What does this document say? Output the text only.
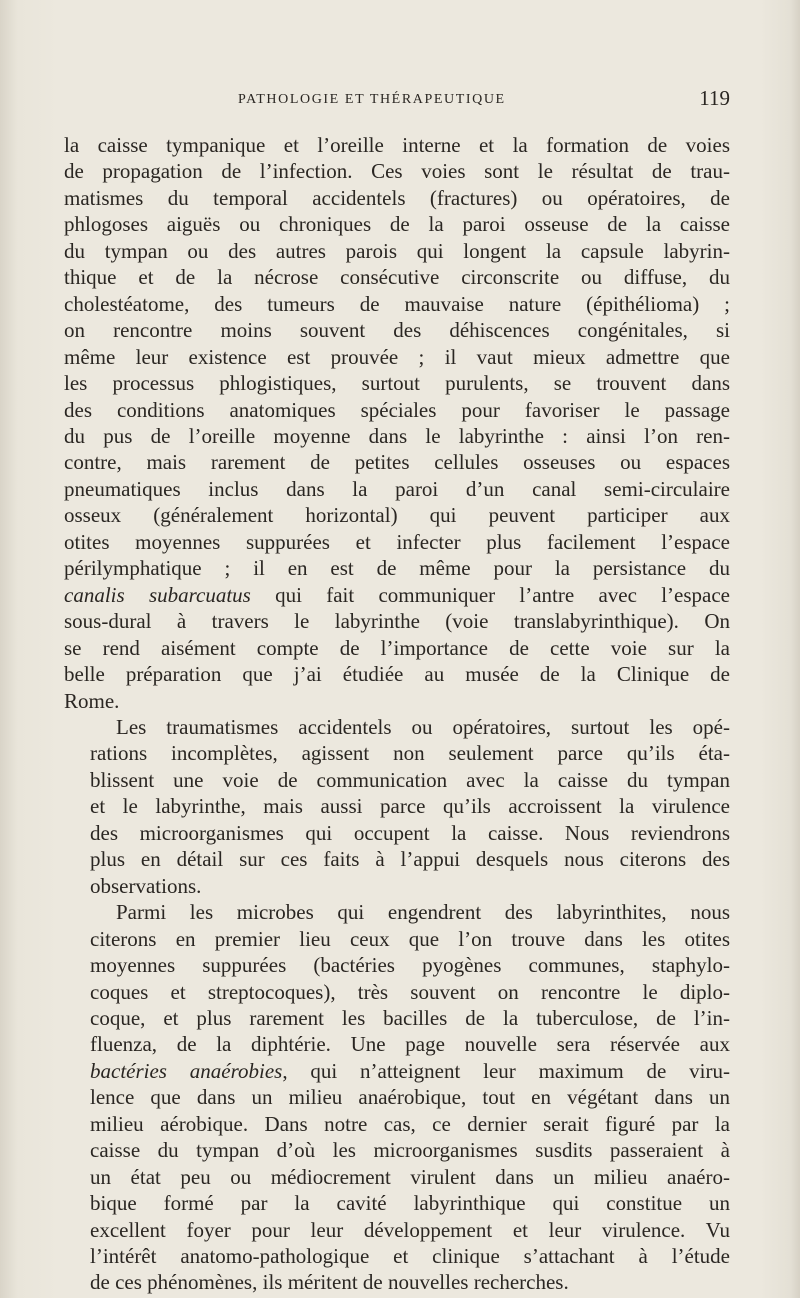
PATHOLOGIE ET THÉRAPEUTIQUE	119

la caisse tympanique et l’oreille interne et la formation de voies
de propagation de l’infection. Ces voies sont le résultat de trau-
matismes du temporal accidentels (fractures) ou opératoires, de
phlogoses aiguës ou chroniques de la paroi osseuse de la caisse
du tympan ou des autres parois qui longent la capsule labyrin-
thique et de la nécrose consécutive circonscrite ou diffuse, du
cholestéatome, des tumeurs de mauvaise nature (épithélioma) ;
on rencontre moins souvent des déhiscences congénitales, si
même leur existence est prouvée ; il vaut mieux admettre que
les processus phlogistiques, surtout purulents, se trouvent dans
des conditions anatomiques spéciales pour favoriser le passage
du pus de l’oreille moyenne dans le labyrinthe : ainsi l’on ren-
contre, mais rarement de petites cellules osseuses ou espaces
pneumatiques inclus dans la paroi d’un canal semi-circulaire
osseux (généralement horizontal) qui peuvent participer aux
otites moyennes suppurées et infecter plus facilement l’espace
périlymphatique ; il en est de même pour la persistance du
canalis subarcuatus qui fait communiquer l’antre avec l’espace
sous-dural à travers le labyrinthe (voie translabyrinthique). On
se rend aisément compte de l’importance de cette voie sur la
belle préparation que j’ai étudiée au musée de la Clinique de
Rome.

Les traumatismes accidentels ou opératoires, surtout les opé-
rations incomplètes, agissent non seulement parce qu’ils éta-
blissent une voie de communication avec la caisse du tympan
et le labyrinthe, mais aussi parce qu’ils accroissent la virulence
des microorganismes qui occupent la caisse. Nous reviendrons
plus en détail sur ces faits à l’appui desquels nous citerons des
observations.

Parmi les microbes qui engendrent des labyrinthites, nous
citerons en premier lieu ceux que l’on trouve dans les otites
moyennes suppurées (bactéries pyogènes communes, staphylo-
coques et streptocoques), très souvent on rencontre le diplo-
coque, et plus rarement les bacilles de la tuberculose, de l’in-
fluenza, de la diphtérie. Une page nouvelle sera réservée aux
bactéries anaérobies, qui n’atteignent leur maximum de viru-
lence que dans un milieu anaérobique, tout en végétant dans un
milieu aérobique. Dans notre cas, ce dernier serait figuré par la
caisse du tympan d’où les microorganismes susdits passeraient à
un état peu ou médiocrement virulent dans un milieu anaéro-
bique formé par la cavité labyrinthique qui constitue un
excellent foyer pour leur développement et leur virulence. Vu
l’intérêt anatomo-pathologique et clinique s’attachant à l’étude
de ces phénomènes, ils méritent de nouvelles recherches.
